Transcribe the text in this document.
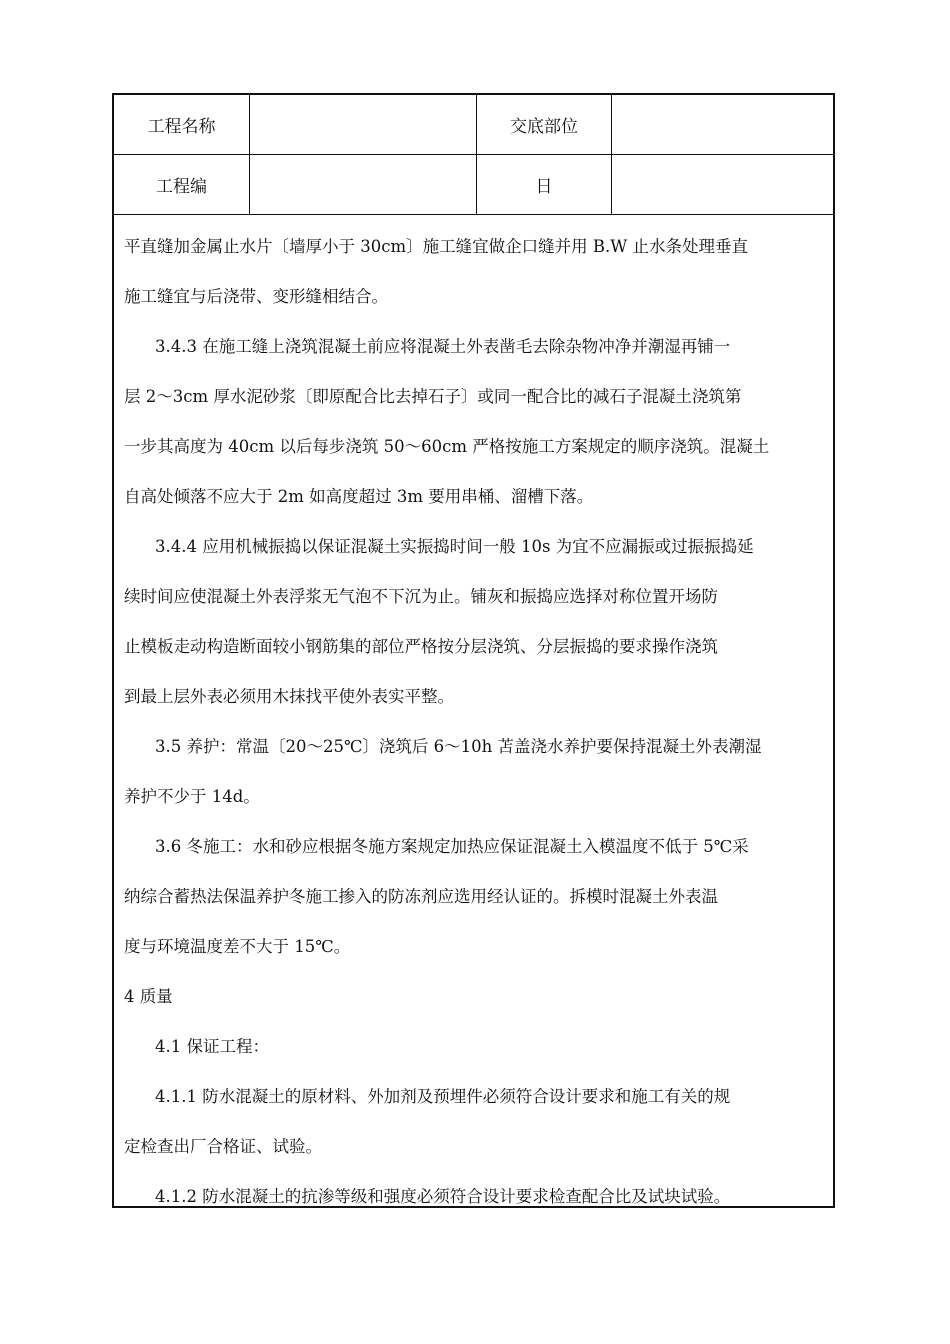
工程名称	交底部位
工程编	日
平直缝加金属止水片〔墙厚小于 30cm〕施工缝宜做企口缝并用 B.W 止水条处理垂直
施工缝宜与后浇带、变形缝相结合。
3.4.3 在施工缝上浇筑混凝土前应将混凝土外表凿毛去除杂物冲净并潮湿再铺一
层 2～3cm 厚水泥砂浆〔即原配合比去掉石子〕或同一配合比的减石子混凝土浇筑第
一步其高度为 40cm 以后每步浇筑 50～60cm 严格按施工方案规定的顺序浇筑。混凝土
自高处倾落不应大于 2m 如高度超过 3m 要用串桶、溜槽下落。
3.4.4 应用机械振捣以保证混凝土实振捣时间一般 10s 为宜不应漏振或过振振捣延
续时间应使混凝土外表浮浆无气泡不下沉为止。铺灰和振捣应选择对称位置开场防
止模板走动构造断面较小钢筋集的部位严格按分层浇筑、分层振捣的要求操作浇筑
到最上层外表必须用木抹找平使外表实平整。
3.5 养护：常温〔20～25℃〕浇筑后 6～10h 苫盖浇水养护要保持混凝土外表潮湿
养护不少于 14d。
3.6 冬施工：水和砂应根据冬施方案规定加热应保证混凝土入模温度不低于 5℃采
纳综合蓄热法保温养护冬施工掺入的防冻剂应选用经认证的。拆模时混凝土外表温
度与环境温度差不大于 15℃。
4 质量
4.1 保证工程：
4.1.1 防水混凝土的原材料、外加剂及预埋件必须符合设计要求和施工有关的规
定检查出厂合格证、试验。
4.1.2 防水混凝土的抗渗等级和强度必须符合设计要求检查配合比及试块试验。
